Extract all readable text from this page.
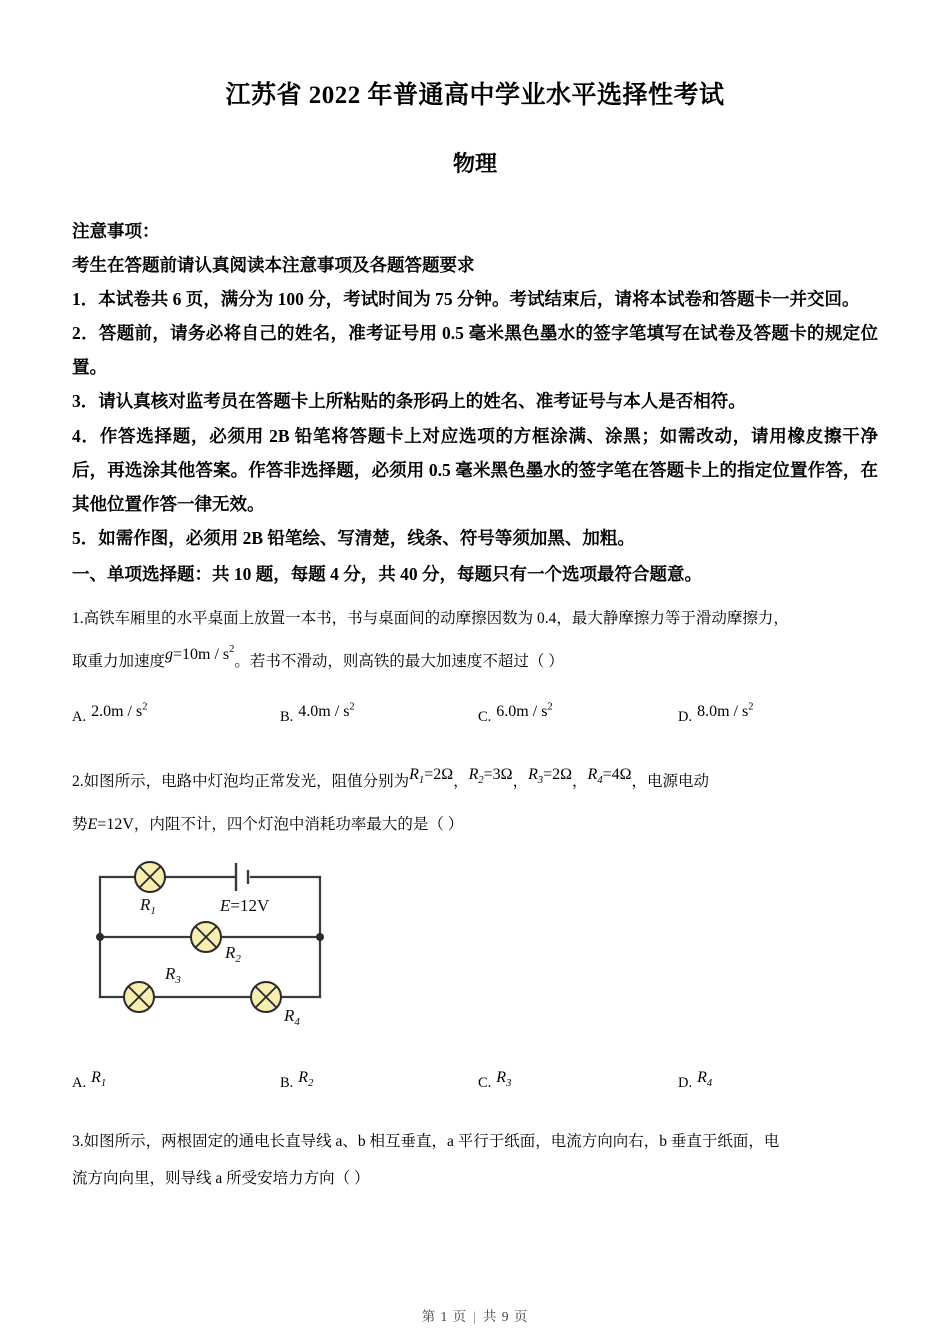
江苏省 2022 年普通高中学业水平选择性考试
物理
注意事项：
考生在答题前请认真阅读本注意事项及各题答题要求
1．本试卷共 6 页，满分为 100 分，考试时间为 75 分钟。考试结束后，请将本试卷和答题卡一并交回。
2．答题前，请务必将自己的姓名，准考证号用 0.5 毫米黑色墨水的签字笔填写在试卷及答题卡的规定位置。
3．请认真核对监考员在答题卡上所粘贴的条形码上的姓名、准考证号与本人是否相符。
4．作答选择题，必须用 2B 铅笔将答题卡上对应选项的方框涂满、涂黑；如需改动，请用橡皮擦干净后，再选涂其他答案。作答非选择题，必须用 0.5 毫米黑色墨水的签字笔在答题卡上的指定位置作答，在其他位置作答一律无效。
5．如需作图，必须用 2B 铅笔绘、写清楚，线条、符号等须加黑、加粗。
一、单项选择题：共 10 题，每题 4 分，共 40 分，每题只有一个选项最符合题意。
1.高铁车厢里的水平桌面上放置一本书，书与桌面间的动摩擦因数为 0.4，最大静摩擦力等于滑动摩擦力，
取重力加速度$g=10m / s^2$。若书不滑动，则高铁的最大加速度不超过（ ）
A. $2.0m / s^2$
B. $4.0m / s^2$
C. $6.0m / s^2$
D. $8.0m / s^2$
2.如图所示，电路中灯泡均正常发光，阻值分别为$R_1=2\Omega$，$R_2=3\Omega$，$R_3=2\Omega$，$R_4=4\Omega$，电源电动
势E=12V，内阻不计，四个灯泡中消耗功率最大的是（ ）
$R_1$
$R_2$
$R_3$
$R_4$
E=12V
A. $R_1$	B. $R_2$	C. $R_3$	D. $R_4$
3.如图所示，两根固定的通电长直导线 a、b 相互垂直，a 平行于纸面，电流方向向右，b 垂直于纸面，电
流方向向里，则导线 a 所受安培力方向（ ）
第 1 页 | 共 9 页
